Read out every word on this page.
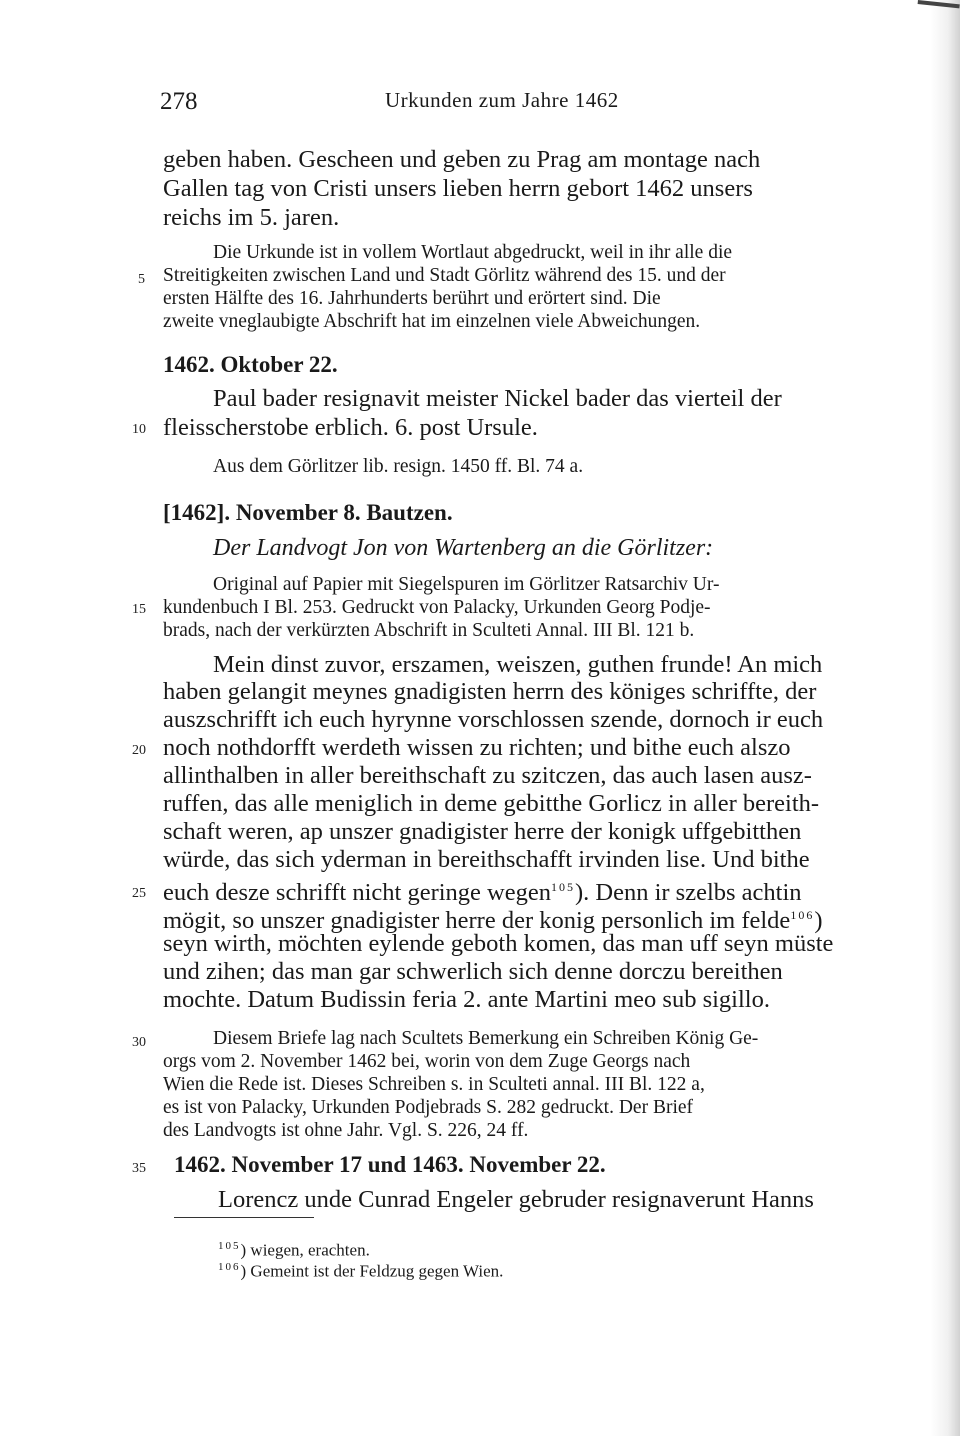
278	Urkunden zum Jahre 1462
geben haben. Gescheen und geben zu Prag am montage nach
Gallen tag von Cristi unsers lieben herrn gebort 1462 unsers
reichs im 5. jaren.
Die Urkunde ist in vollem Wortlaut abgedruckt, weil in ihr alle die
Streitigkeiten zwischen Land und Stadt Görlitz während des 15. und der
ersten Hälfte des 16. Jahrhunderts berührt und erörtert sind. Die
zweite vneglaubigte Abschrift hat im einzelnen viele Abweichungen.
5
1462. Oktober 22.
Paul bader resignavit meister Nickel bader das vierteil der
fleisscherstobe erblich. 6. post Ursule.
10
Aus dem Görlitzer lib. resign. 1450 ff. Bl. 74 a.
[1462]. November 8. Bautzen.
Der Landvogt Jon von Wartenberg an die Görlitzer:
Original auf Papier mit Siegelspuren im Görlitzer Ratsarchiv Ur-
kundenbuch I Bl. 253. Gedruckt von Palacky, Urkunden Georg Podje-
brads, nach der verkürzten Abschrift in Sculteti Annal. III Bl. 121 b.
15
Mein dinst zuvor, erszamen, weiszen, guthen frunde! An mich
haben gelangit meynes gnadigisten herrn des königes schriffte, der
auszschrifft ich euch hyrynne vorschlossen szende, dornoch ir euch
noch nothdorfft werdeth wissen zu richten; und bithe euch alszo
20
allinthalben in aller bereithschaft zu szitczen, das auch lasen ausz-
ruffen, das alle meniglich in deme gebitthe Gorlicz in aller bereith-
schaft weren, ap unszer gnadigister herre der konigk uffgebitthen
würde, das sich yderman in bereithschafft irvinden lise. Und bithe
euch desze schrifft nicht geringe wegen$^{105}$). Denn ir szelbs achtin
25
mögit, so unszer gnadigister herre der konig personlich im felde$^{106}$)
seyn wirth, möchten eylende geboth komen, das man uff seyn müste
und zihen; das man gar schwerlich sich denne dorczu bereithen
mochte. Datum Budissin feria 2. ante Martini meo sub sigillo.
Diesem Briefe lag nach Scultets Bemerkung ein Schreiben König Ge-
30
orgs vom 2. November 1462 bei, worin von dem Zuge Georgs nach
Wien die Rede ist. Dieses Schreiben s. in Sculteti annal. III Bl. 122 a,
es ist von Palacky, Urkunden Podjebrads S. 282 gedruckt. Der Brief
des Landvogts ist ohne Jahr. Vgl. S. 226, 24 ff.
1462. November 17 und 1463. November 22.
35
Lorencz unde Cunrad Engeler gebruder resignaverunt Hanns
$^{105}$) wiegen, erachten.
$^{106}$) Gemeint ist der Feldzug gegen Wien.
